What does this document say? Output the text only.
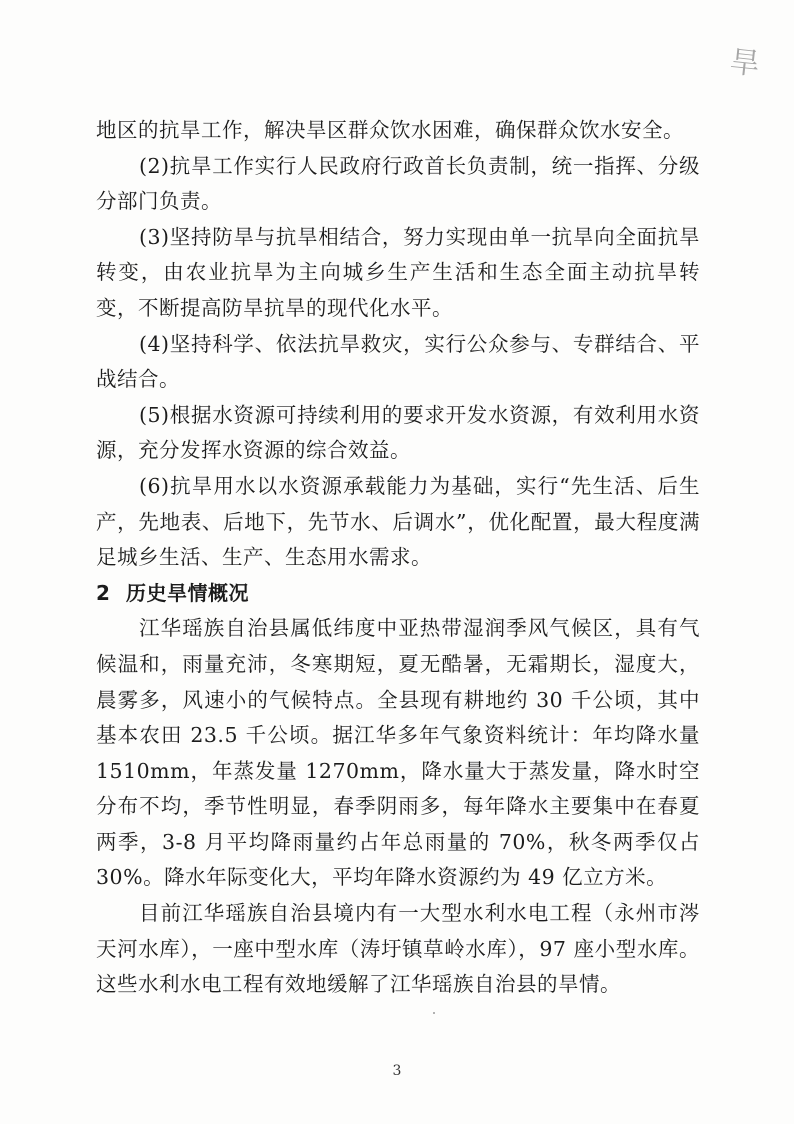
旱

地区的抗旱工作，解决旱区群众饮水困难，确保群众饮水安全。

(2)抗旱工作实行人民政府行政首长负责制，统一指挥、分级分部门负责。

(3)坚持防旱与抗旱相结合，努力实现由单一抗旱向全面抗旱转变，由农业抗旱为主向城乡生产生活和生态全面主动抗旱转变，不断提高防旱抗旱的现代化水平。

(4)坚持科学、依法抗旱救灾，实行公众参与、专群结合、平战结合。

(5)根据水资源可持续利用的要求开发水资源，有效利用水资源，充分发挥水资源的综合效益。

(6)抗旱用水以水资源承载能力为基础，实行“先生活、后生产，先地表、后地下，先节水、后调水”，优化配置，最大程度满足城乡生活、生产、生态用水需求。

2 历史旱情概况

江华瑶族自治县属低纬度中亚热带湿润季风气候区，具有气候温和，雨量充沛，冬寒期短，夏无酷暑，无霜期长，湿度大，晨雾多，风速小的气候特点。全县现有耕地约 30 千公顷，其中基本农田 23.5 千公顷。据江华多年气象资料统计：年均降水量1510mm，年蒸发量 1270mm，降水量大于蒸发量，降水时空分布不均，季节性明显，春季阴雨多，每年降水主要集中在春夏两季，3-8 月平均降雨量约占年总雨量的 70%，秋冬两季仅占 30%。降水年际变化大，平均年降水资源约为 49 亿立方米。

目前江华瑶族自治县境内有一大型水利水电工程（永州市涔天河水库），一座中型水库（涛圩镇草岭水库），97 座小型水库。这些水利水电工程有效地缓解了江华瑶族自治县的旱情。

3
